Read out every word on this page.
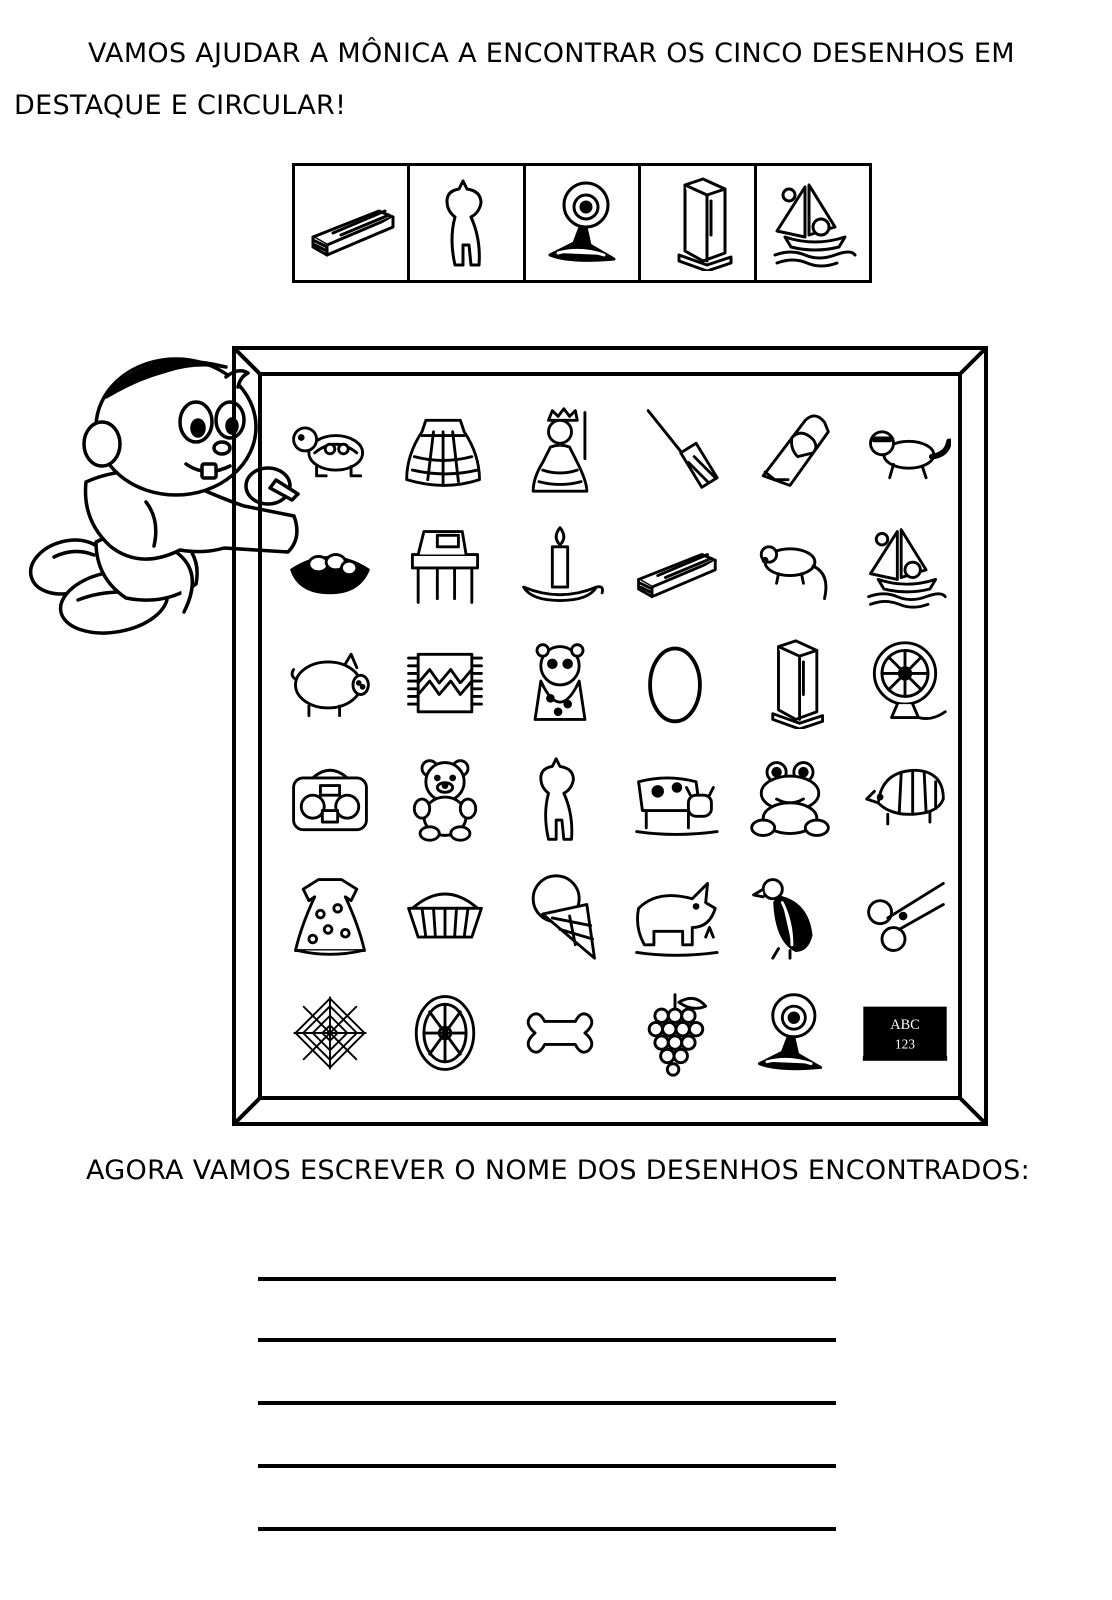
VAMOS AJUDAR A MÔNICA A ENCONTRAR OS CINCO DESENHOS EM DESTAQUE E CIRCULAR!

ABC
123

AGORA VAMOS ESCREVER O NOME DOS DESENHOS ENCONTRADOS:
